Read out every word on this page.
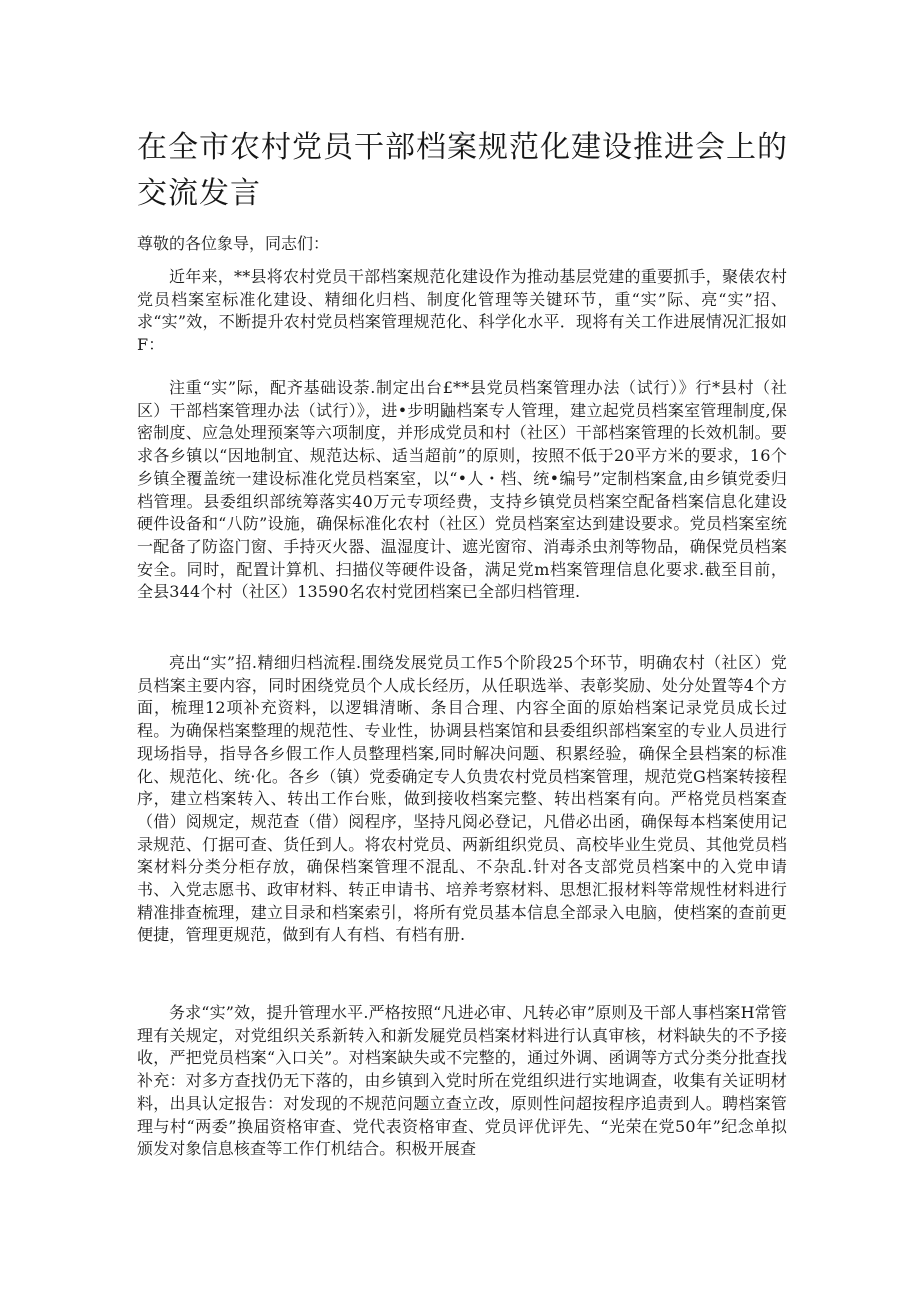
在全市农村党员干部档案规范化建设推进会上的交流发言

尊敬的各位象导，同志们：

近年来，**县将农村党员干部档案规范化建设作为推动基层党建的重要抓手，聚俵农村党员档案室标准化建设、精细化归档、制度化管理等关键环节，重“实”际、亮“实”招、求“实”效，不断提升农村党员档案管理规范化、科学化水平．现将有关工作进展情况汇报如F：

注重“实”际，配齐基础设荼.制定出台£**县党员档案管理办法（试行）》行*县村（社区）干部档案管理办法（试行）》，进•步明鼬档案专人管理，建立起党员档案室管理制度,保密制度、应急处理预案等六项制度，并形成党员和村（社区）干部档案管理的长效机制。要求各乡镇以“因地制宜、规范达标、适当超前”的原则，按照不低于20平方米的要求，16个乡镇全覆盖统一建设标准化党员档案室，以“•人・档、统•编号”定制档案盒,由乡镇党委归档管理。县委组织部统筹落实40万元专项经费，支持乡镇党员档案空配备档案信息化建设硬件设备和“八防”设施，确保标准化农村（社区）党员档案室达到建设要求。党员档案室统一配备了防盗门窗、手持灭火器、温湿度计、遮光窗帘、消毒杀虫剂等物品，确保党员档案安全。同时，配置计算机、扫描仪等硬件设备，满足党m档案管理信息化要求.截至目前，全县344个村（社区）13590名农村党团档案已全部归档管理.

亮出“实”招.精细归档流程.围绕发展党员工作5个阶段25个环节，明确农村（社区）党员档案主要内容，同时困绕党员个人成长经历，从任职选举、表彰奖励、处分处置等4个方面，梳理12项补充资料，以逻辑清晰、条目合理、内容全面的原始档案记录党员成长过程。为确保档案整理的规范性、专业性，协调县档案馆和县委组织部档案室的专业人员进行现场指导，指导各乡假工作人员整理档案,同时解决问题、积累经验，确保全县档案的标准化、规范化、统·化。各乡（镇）党委确定专人负贵农村党员档案管理，规范党G档案转接程序，建立档案转入、转出工作台账，做到接收档案完整、转出档案有向。严格党员档案查（借）阅规定，规范查（借）阅程序，坚持凡阅必登记，凡借必出函，确保每本档案使用记录规范、仃据可查、货任到人。将农村党员、两新组织党员、高校毕业生党员、其他党员档案材料分类分柜存放，确保档案管理不混乱、不杂乱.针对各支部党员档案中的入党申请书、入党志愿书、政审材料、转正申请书、培养考察材料、思想汇报材料等常规性材料进行精准排查梳理，建立目录和档案索引，将所有党员基本信息全部录入电脑，使档案的查前更便捷，管理更规范，做到有人有档、有档有册.

务求“实”效，提升管理水平.严格按照“凡进必审、凡转必审”原则及干部人事档案H常管理有关规定，对党组织关系新转入和新发屣党员档案材料进行认真审核，材料缺失的不予接收，严把党员档案“入口关”。对档案缺失或不完整的，通过外调、函调等方式分类分批查找补充：对多方查找仍无下落的，由乡镇到入党时所在党组织进行实地调查，收集有关证明材料，出具认定报告：对发现的不规范问题立查立改，原则性问超按程序追责到人。聘档案管理与村“两委”换届资格审查、党代表资格审查、党员评优评先、“光荣在党50年”纪念单拟颁发对象信息核查等工作仃机结合。积极开展查
